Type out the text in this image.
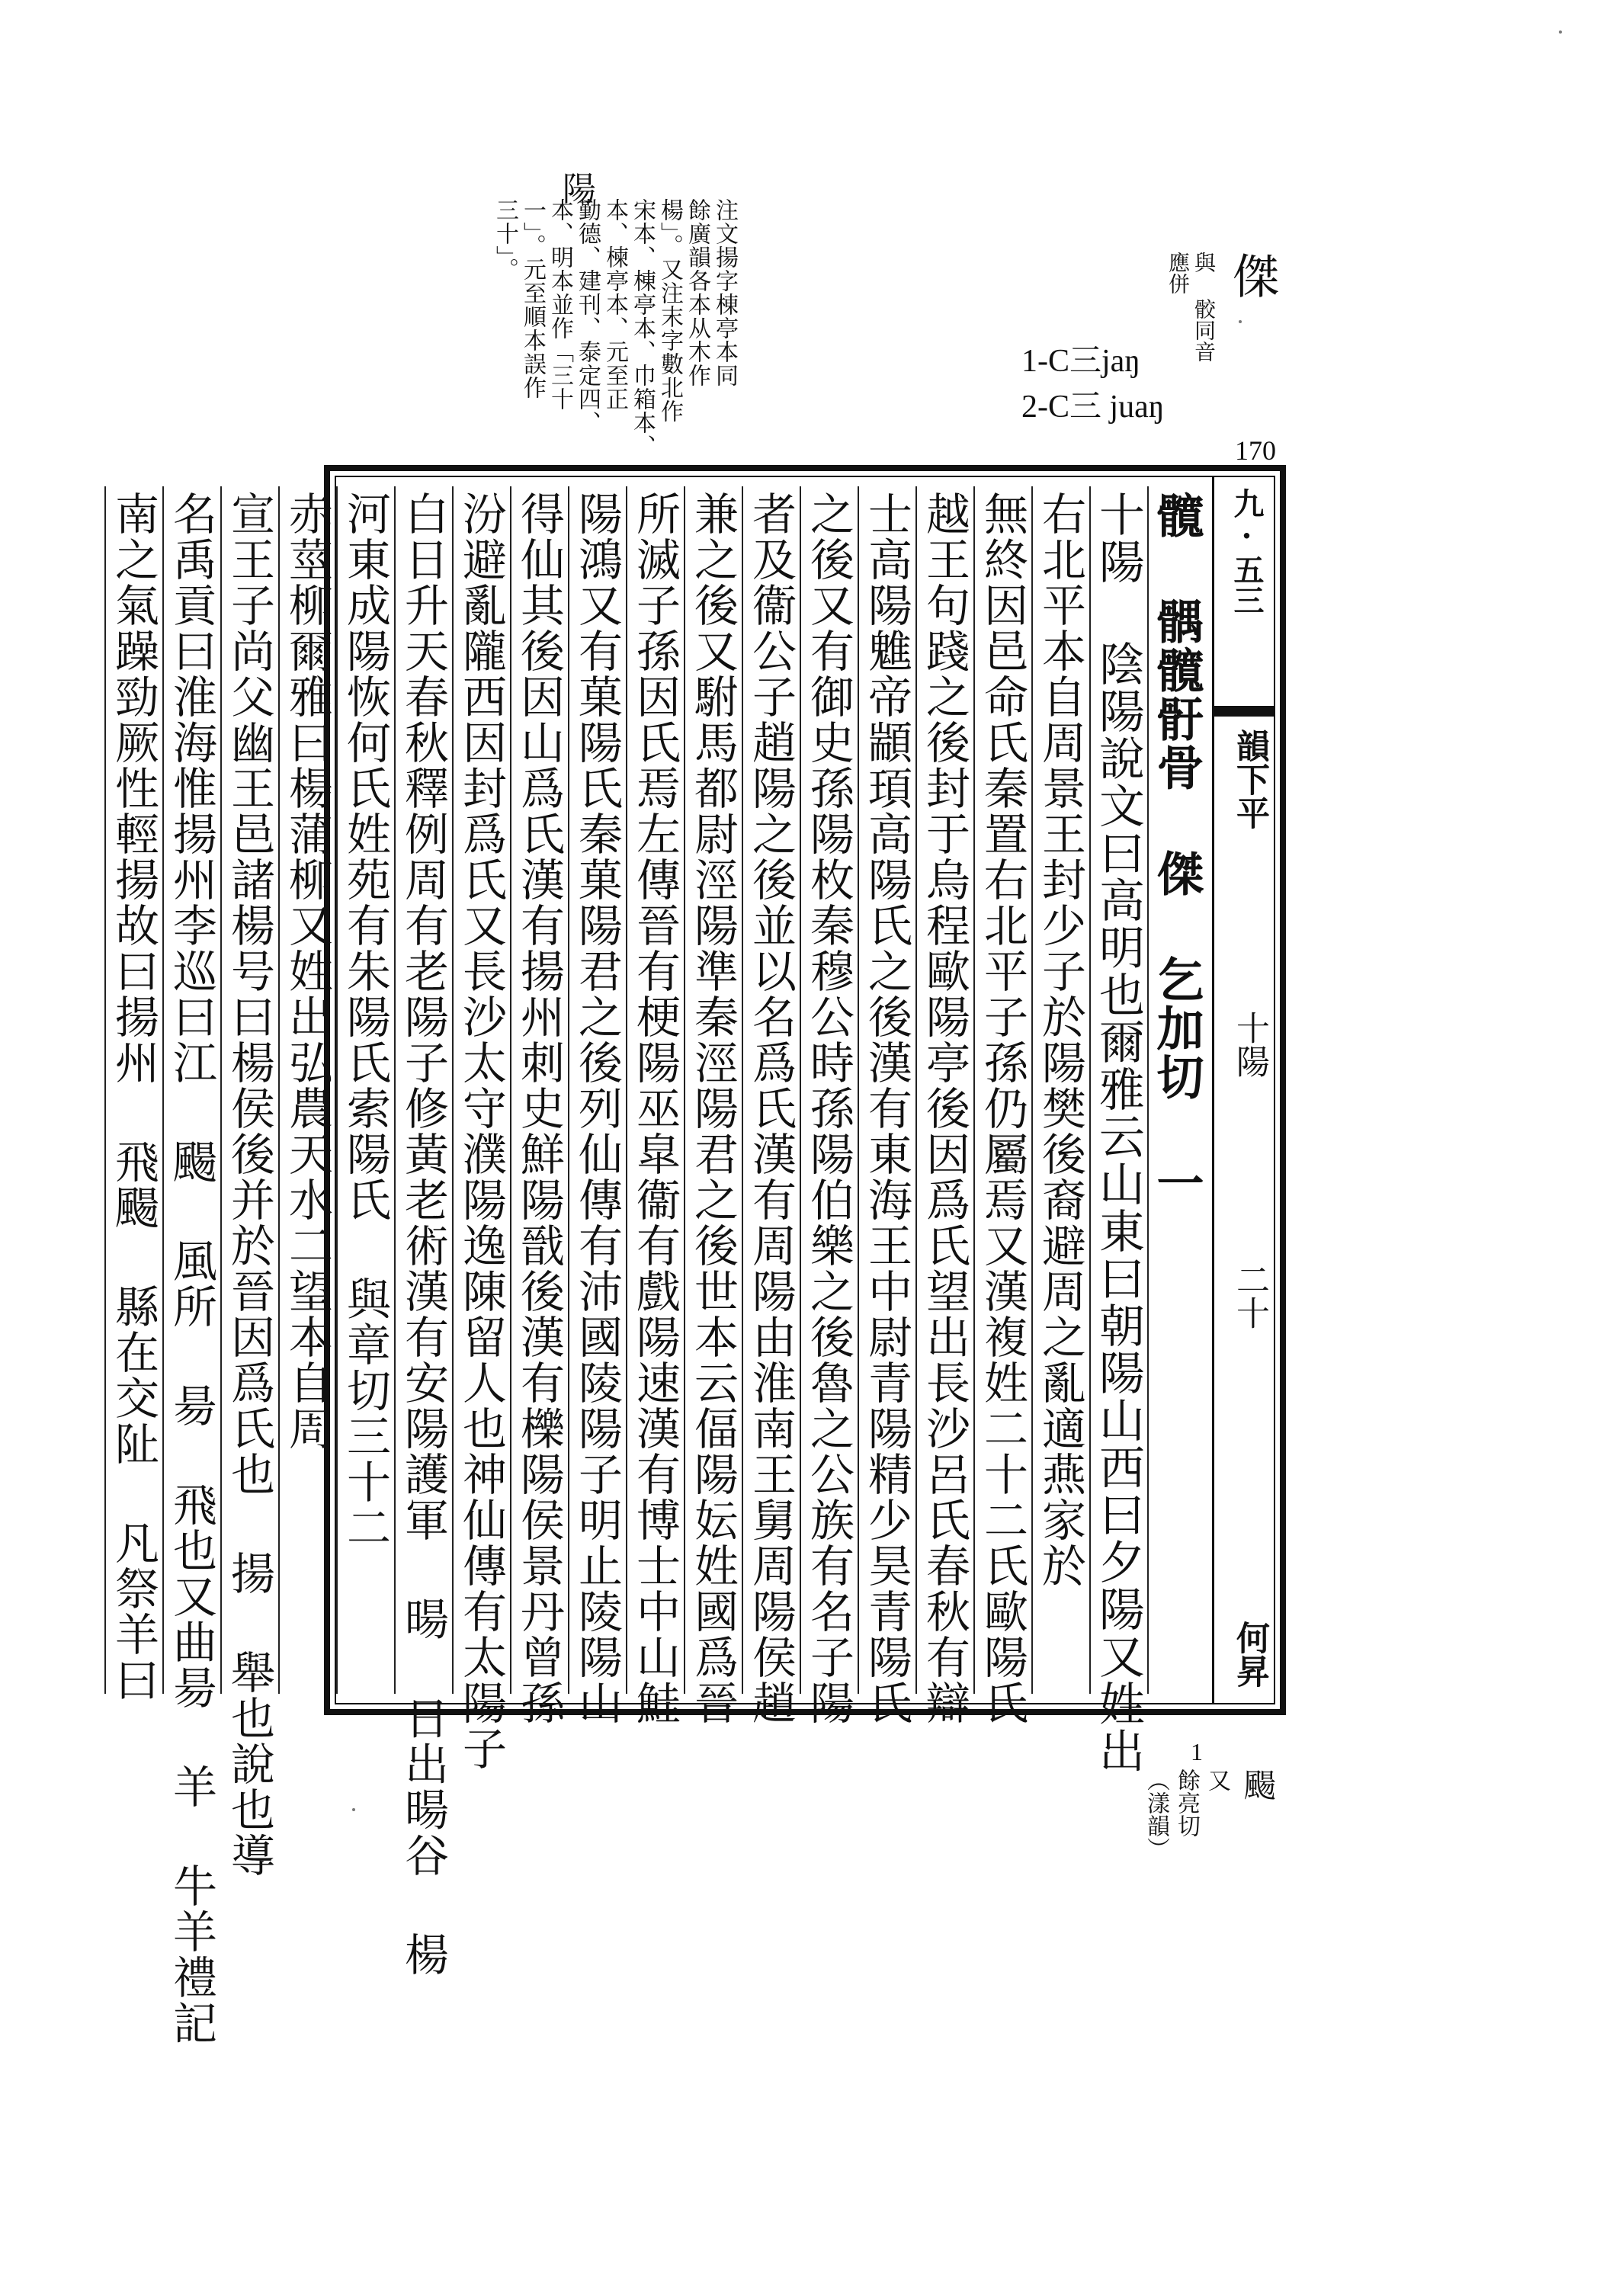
陽
注文揚字棟亭本同
餘廣韻各本从木作
楊」。又注末字數北作
宋本、棟亭本、巾箱本、
本、楝亭本、元至正
勤德、建刊、泰定四、
本、明本並作「三十
一」。元至順本誤作
三十」。	傑
與 骹同音
應併
1-C三jaŋ
2-C三 juaŋ
170
九·五三
韻下平
十陽
二十
何昇
髖 髃髖骬骨 傑 乞加切 一
十陽 陰陽說文曰高明也爾雅云山東曰朝陽山西曰夕陽又姓出
右北平本自周景王封少子於陽樊後裔避周之亂適燕家於
無終因邑命氏秦置右北平子孫仍屬焉又漢複姓二十二氏歐陽氏
越王句踐之後封于烏程歐陽亭後因爲氏望出長沙呂氏春秋有辯
士高陽魋帝顓頊高陽氏之後漢有東海王中尉青陽精少昊青陽氏
之後又有御史孫陽枚秦穆公時孫陽伯樂之後魯之公族有名子陽
者及衞公子趙陽之後並以名爲氏漢有周陽由淮南王舅周陽侯趙
兼之後又駙馬都尉涇陽準秦涇陽君之後世本云偪陽妘姓國爲晉
所滅子孫因氏焉左傳晉有梗陽巫皐衞有戲陽速漢有博士中山鮭
陽鴻又有菓陽氏秦菓陽君之後列仙傳有沛國陵陽子明止陵陽山
得仙其後因山爲氏漢有揚州刺史鮮陽戩後漢有櫟陽侯景丹曾孫
汾避亂隴西因封爲氏又長沙太守濮陽逸陳留人也神仙傳有太陽子
白日升天春秋釋例周有老陽子修黃老術漢有安陽護軍 暘 日出暘谷 楊
河東成陽恢何氏姓苑有朱陽氏索陽氏 與章切三十二
赤莖柳爾雅曰楊蒲柳又姓出弘農天水二望本自周
宣王子尚父幽王邑諸楊号曰楊侯後并於晉因爲氏也 揚 舉也說也導
名禹貢曰淮海惟揚州李巡曰江 颺 風所 昜 飛也又曲昜 羊 牛羊禮記
南之氣躁勁厥性輕揚故曰揚州 飛颺 縣在交阯 凡祭羊曰
1
颺
又
餘亮切
（漾韻）
